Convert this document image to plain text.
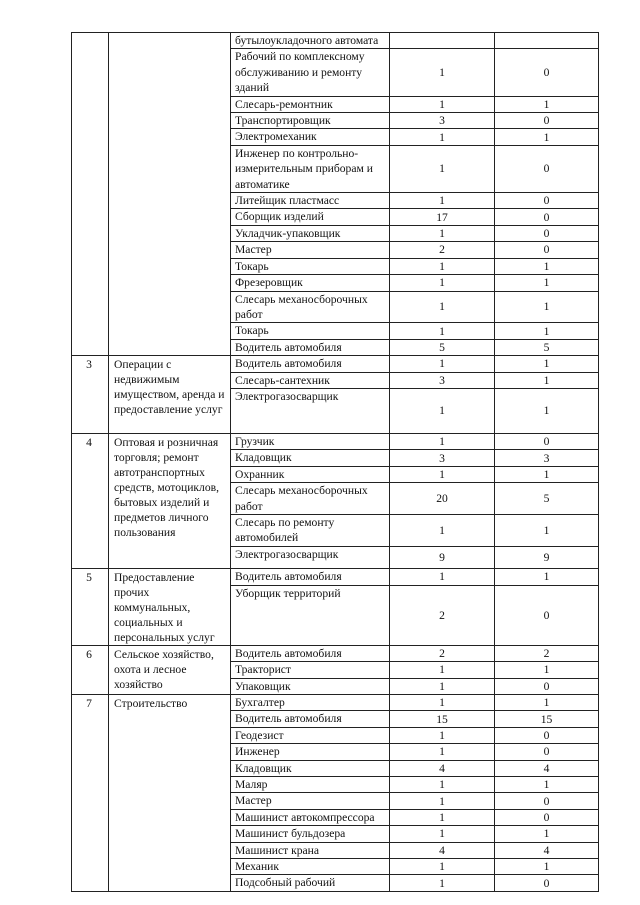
		бутылоукладочного автомата		
		Рабочий по комплексному обслуживанию и ремонту зданий	1	0
		Слесарь-ремонтник	1	1
		Транспортировщик	3	0
		Электромеханик	1	1
		Инженер по контрольно-измерительным приборам и автоматике	1	0
		Литейщик пластмасс	1	0
		Сборщик изделий	17	0
		Укладчик-упаковщик	1	0
		Мастер	2	0
		Токарь	1	1
		Фрезеровщик	1	1
		Слесарь механосборочных работ	1	1
		Токарь	1	1
		Водитель автомобиля	5	5
3	Операции с недвижимым имуществом, аренда и предоставление услуг	Водитель автомобиля	1	1
		Слесарь-сантехник	3	1
		Электрогазосварщик	1	1
4	Оптовая и розничная торговля; ремонт автотранспортных средств, мотоциклов, бытовых изделий и предметов личного пользования	Грузчик	1	0
		Кладовщик	3	3
		Охранник	1	1
		Слесарь механосборочных работ	20	5
		Слесарь по ремонту автомобилей	1	1
		Электрогазосварщик	9	9
5	Предоставление прочих коммунальных, социальных и персональных услуг	Водитель автомобиля	1	1
		Уборщик территорий	2	0
6	Сельское хозяйство, охота и лесное хозяйство	Водитель автомобиля	2	2
		Тракторист	1	1
		Упаковщик	1	0
7	Строительство	Бухгалтер	1	1
		Водитель автомобиля	15	15
		Геодезист	1	0
		Инженер	1	0
		Кладовщик	4	4
		Маляр	1	1
		Мастер	1	0
		Машинист автокомпрессора	1	0
		Машинист бульдозера	1	1
		Машинист крана	4	4
		Механик	1	1
		Подсобный рабочий	1	0
